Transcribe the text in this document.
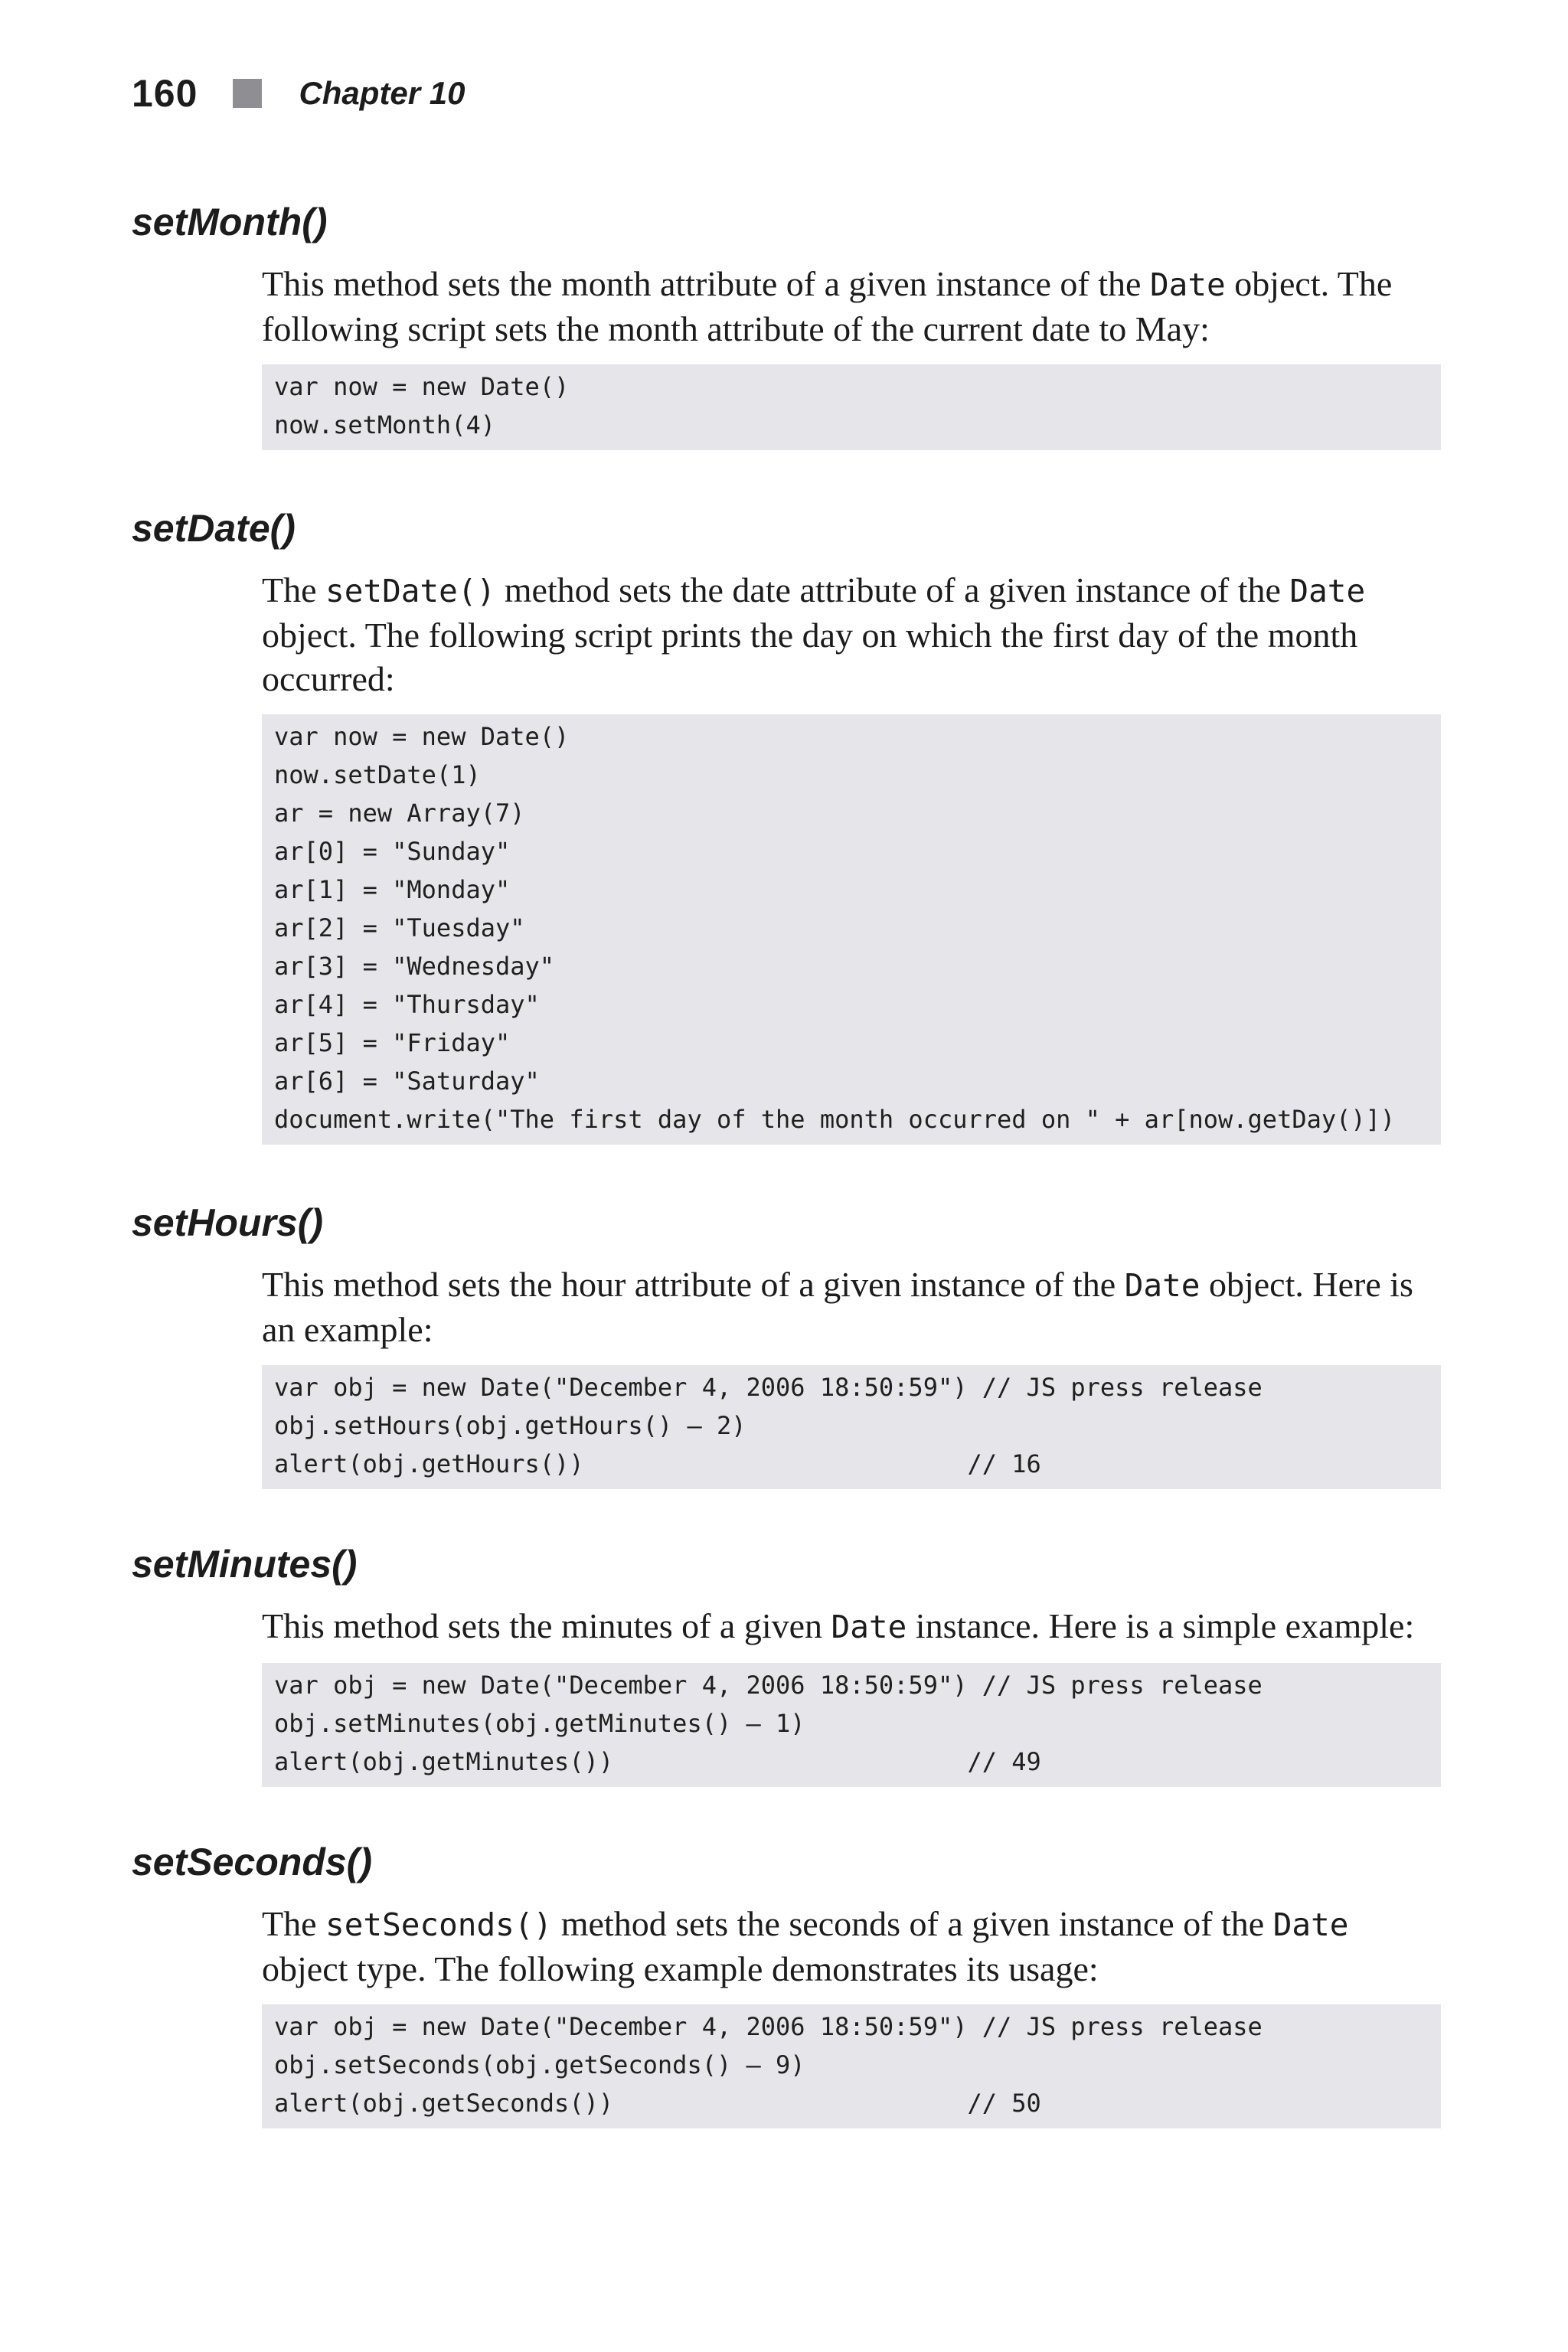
160	Chapter 10
setMonth()

This method sets the month attribute of a given instance of the Date object. The following script sets the month attribute of the current date to May:

var now = new Date()
now.setMonth(4)
setDate()

The setDate() method sets the date attribute of a given instance of the Date object. The following script prints the day on which the first day of the month occurred:

var now = new Date()
now.setDate(1)
ar = new Array(7)
ar[0] = "Sunday"
ar[1] = "Monday"
ar[2] = "Tuesday"
ar[3] = "Wednesday"
ar[4] = "Thursday"
ar[5] = "Friday"
ar[6] = "Saturday"
document.write("The first day of the month occurred on " + ar[now.getDay()])
setHours()

This method sets the hour attribute of a given instance of the Date object. Here is an example:

var obj = new Date("December 4, 2006 18:50:59") // JS press release
obj.setHours(obj.getHours() – 2)
alert(obj.getHours())                          // 16
setMinutes()

This method sets the minutes of a given Date instance. Here is a simple example:

var obj = new Date("December 4, 2006 18:50:59") // JS press release
obj.setMinutes(obj.getMinutes() – 1)
alert(obj.getMinutes())                        // 49
setSeconds()

The setSeconds() method sets the seconds of a given instance of the Date object type. The following example demonstrates its usage:

var obj = new Date("December 4, 2006 18:50:59") // JS press release
obj.setSeconds(obj.getSeconds() – 9)
alert(obj.getSeconds())                        // 50
